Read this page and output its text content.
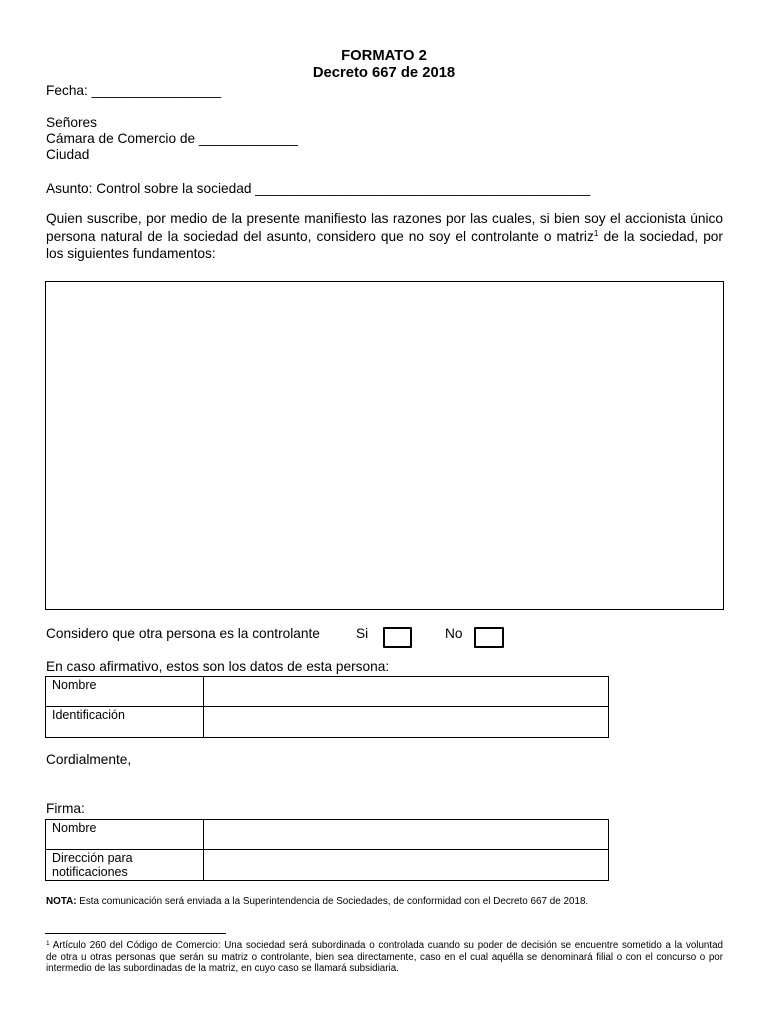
FORMATO 2
Decreto 667 de 2018
Fecha: _________________
Señores
Cámara de Comercio de _____________
Ciudad
Asunto: Control sobre la sociedad ____________________________________________
Quien suscribe, por medio de la presente manifiesto las razones por las cuales, si bien soy el accionista único
persona natural de la sociedad del asunto, considero que no soy el controlante o matriz$^1$ de la sociedad, por
los siguientes fundamentos:
Considero que otra persona es la controlante	Si	No
En caso afirmativo, estos son los datos de esta persona:
Nombre
Identificación
Cordialmente,
Firma:
Nombre
Dirección para notificaciones
NOTA: Esta comunicación será enviada a la Superintendencia de Sociedades, de conformidad con el Decreto 667 de 2018.
$^1$ Artículo 260 del Código de Comercio: Una sociedad será subordinada o controlada cuando su poder de decisión se encuentre sometido a la voluntad
de otra u otras personas que serán su matriz o controlante, bien sea directamente, caso en el cual aquélla se denominará filial o con el concurso o por
intermedio de las subordinadas de la matriz, en cuyo caso se llamará subsidiaria.
